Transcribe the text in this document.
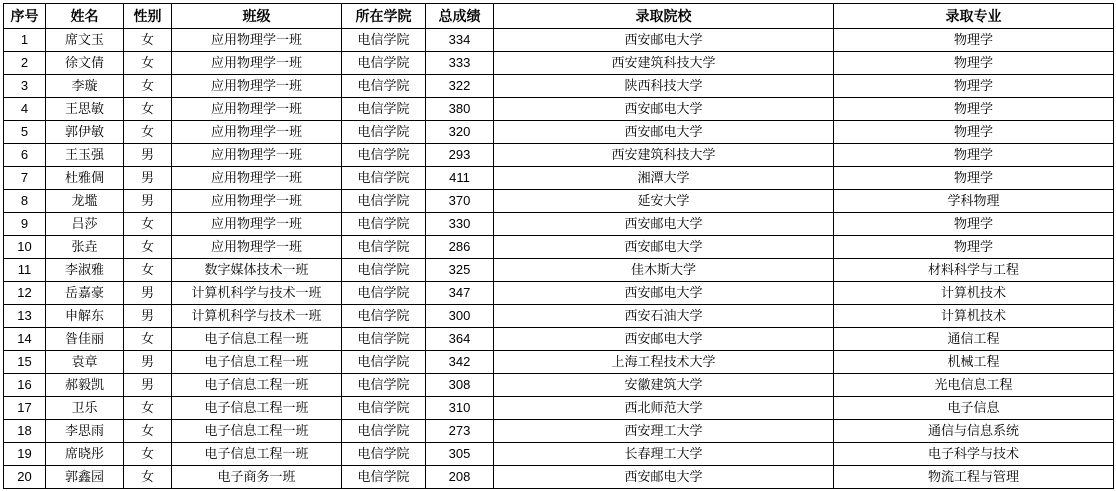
序号	姓名	性别	班级	所在学院	总成绩	录取院校	录取专业
1	席文玉	女	应用物理学一班	电信学院	334	西安邮电大学	物理学
2	徐文倩	女	应用物理学一班	电信学院	333	西安建筑科技大学	物理学
3	李璇	女	应用物理学一班	电信学院	322	陕西科技大学	物理学
4	王思敏	女	应用物理学一班	电信学院	380	西安邮电大学	物理学
5	郭伊敏	女	应用物理学一班	电信学院	320	西安邮电大学	物理学
6	王玉强	男	应用物理学一班	电信学院	293	西安建筑科技大学	物理学
7	杜雅倜	男	应用物理学一班	电信学院	411	湘潭大学	物理学
8	龙壏	男	应用物理学一班	电信学院	370	延安大学	学科物理
9	吕莎	女	应用物理学一班	电信学院	330	西安邮电大学	物理学
10	张垚	女	应用物理学一班	电信学院	286	西安邮电大学	物理学
11	李淑雅	女	数字媒体技术一班	电信学院	325	佳木斯大学	材料科学与工程
12	岳嘉豪	男	计算机科学与技术一班	电信学院	347	西安邮电大学	计算机技术
13	申解东	男	计算机科学与技术一班	电信学院	300	西安石油大学	计算机技术
14	昝佳丽	女	电子信息工程一班	电信学院	364	西安邮电大学	通信工程
15	袁章	男	电子信息工程一班	电信学院	342	上海工程技术大学	机械工程
16	郝毅凯	男	电子信息工程一班	电信学院	308	安徽建筑大学	光电信息工程
17	卫乐	女	电子信息工程一班	电信学院	310	西北师范大学	电子信息
18	李思雨	女	电子信息工程一班	电信学院	273	西安理工大学	通信与信息系统
19	席晓彤	女	电子信息工程一班	电信学院	305	长春理工大学	电子科学与技术
20	郭鑫园	女	电子商务一班	电信学院	208	西安邮电大学	物流工程与管理
